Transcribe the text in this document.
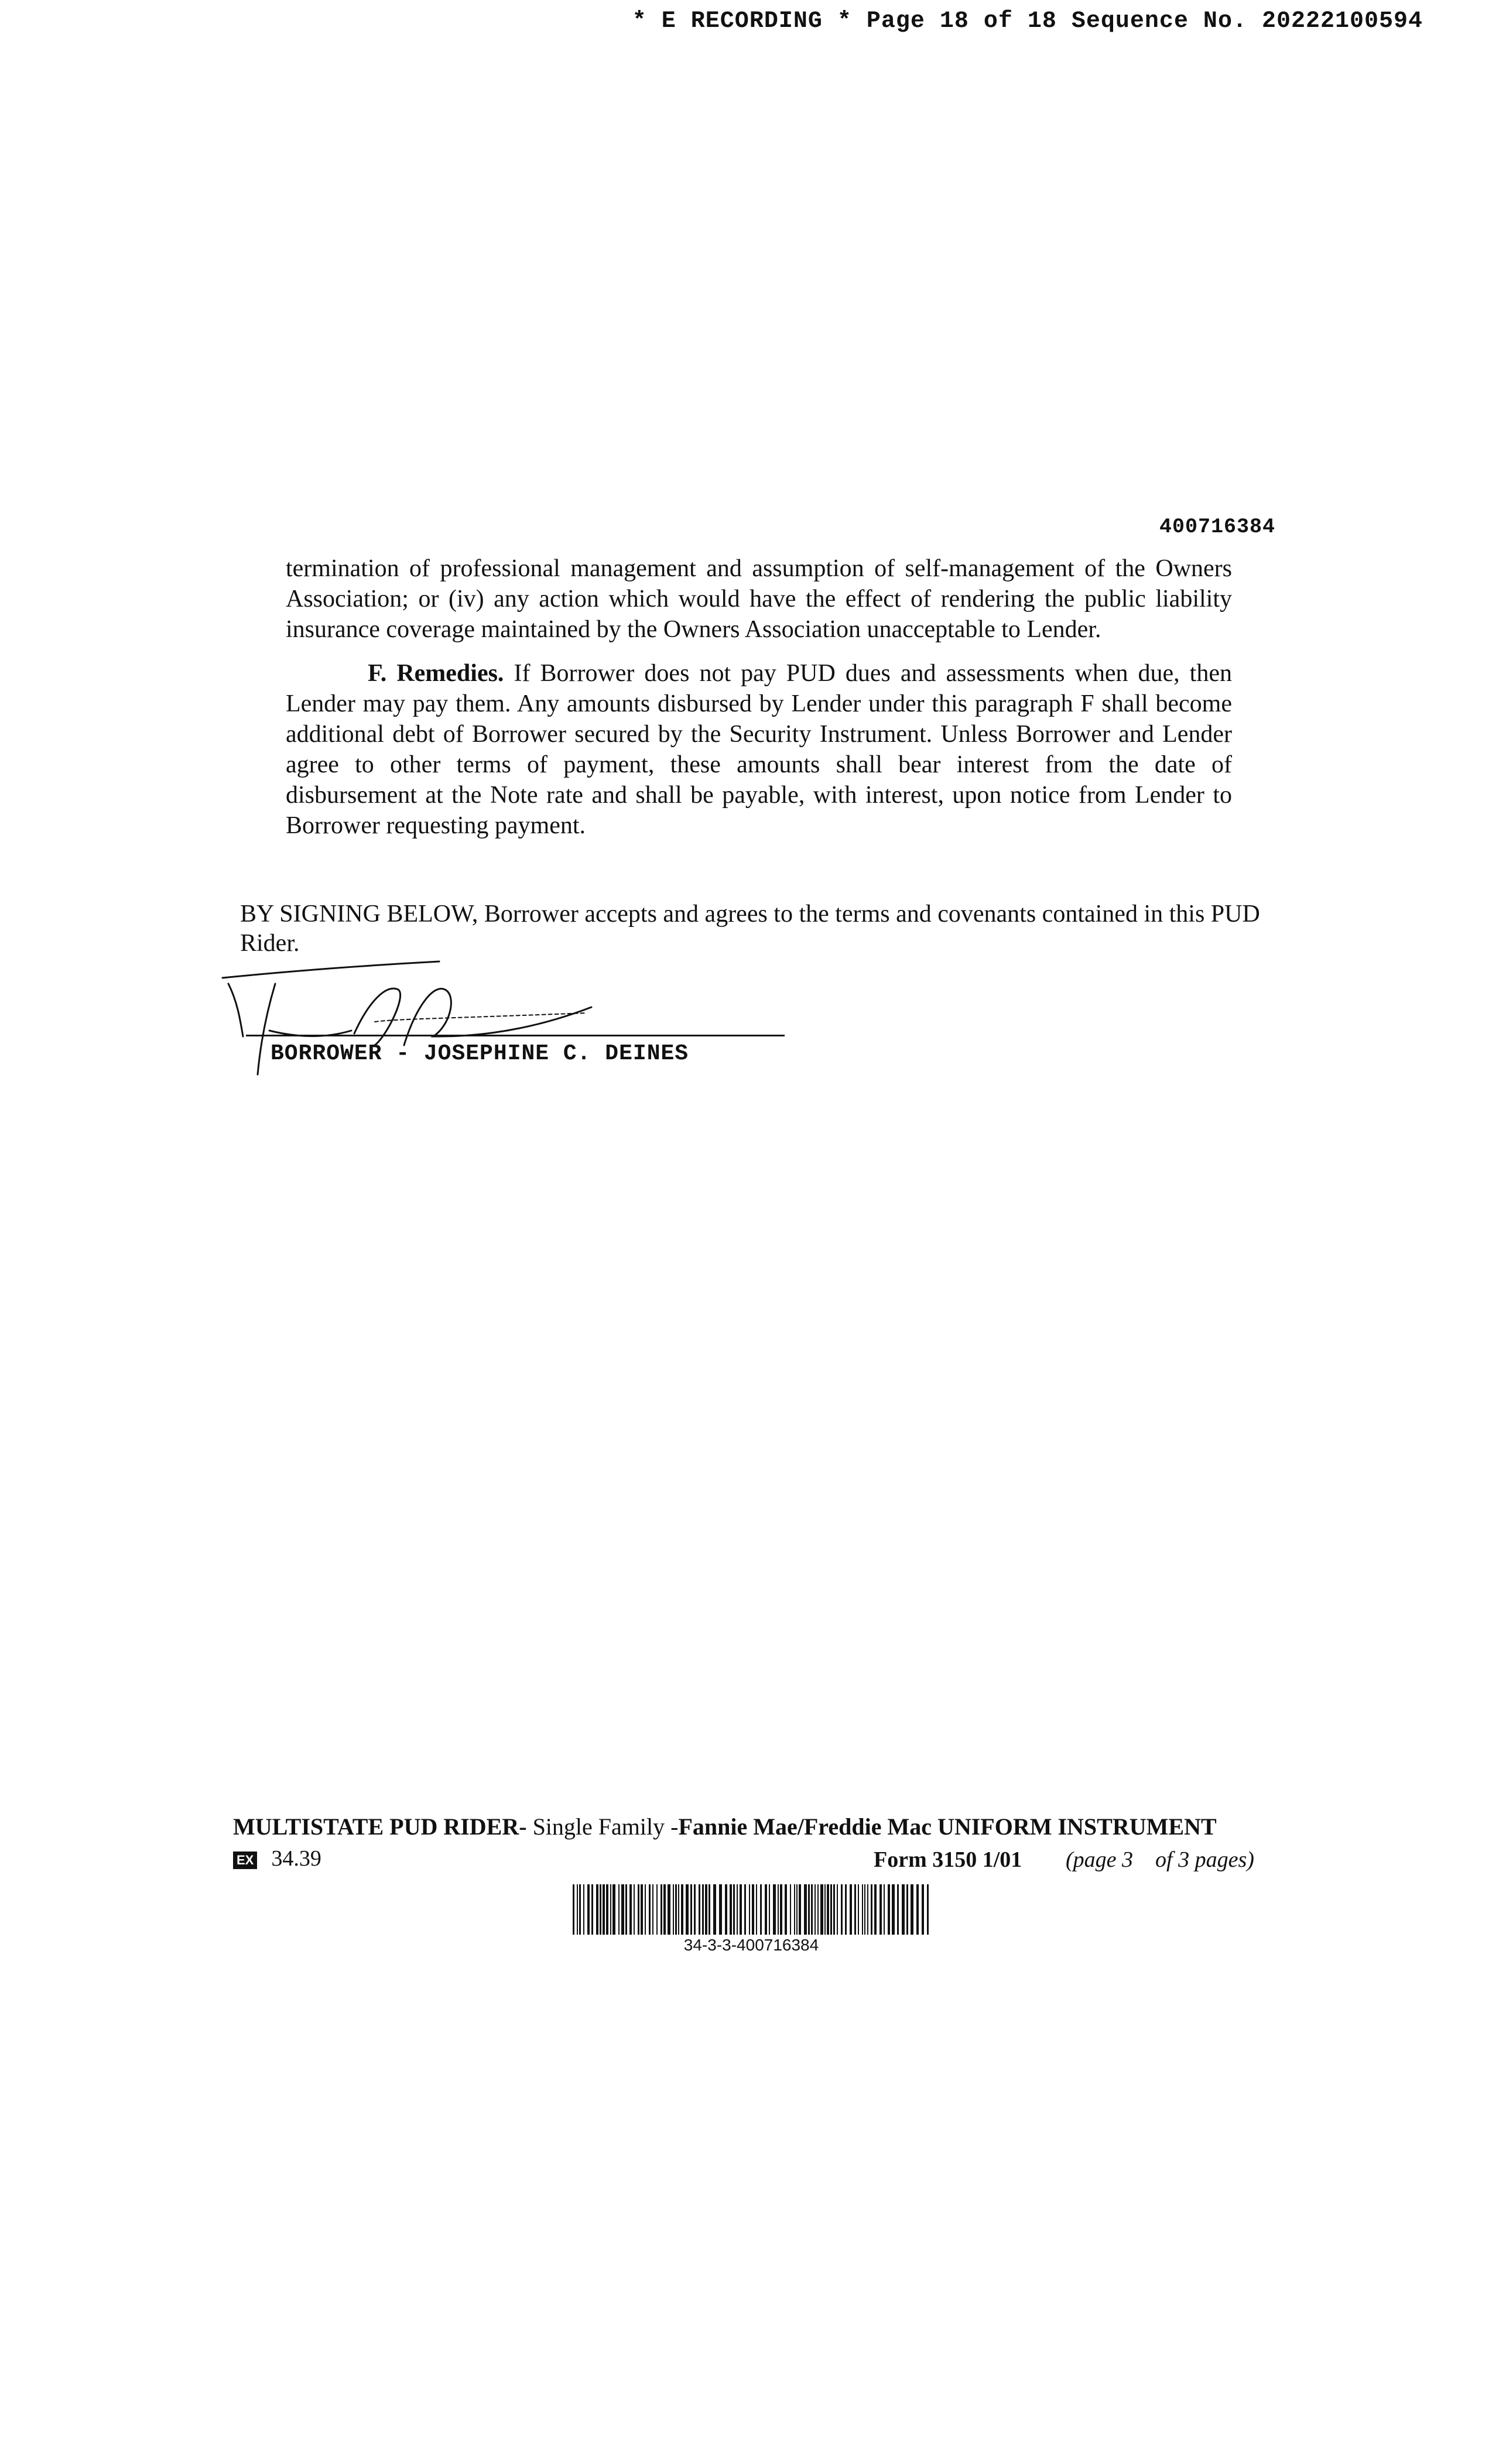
* E RECORDING * Page 18 of 18 Sequence No. 20222100594
400716384
termination of professional management and assumption of self-management of the Owners Association; or (iv) any action which would have the effect of rendering the public liability insurance coverage maintained by the Owners Association unacceptable to Lender.
F. Remedies. If Borrower does not pay PUD dues and assessments when due, then Lender may pay them. Any amounts disbursed by Lender under this paragraph F shall become additional debt of Borrower secured by the Security Instrument. Unless Borrower and Lender agree to other terms of payment, these amounts shall bear interest from the date of disbursement at the Note rate and shall be payable, with interest, upon notice from Lender to Borrower requesting payment.
BY SIGNING BELOW, Borrower accepts and agrees to the terms and covenants contained in this PUD Rider.
BORROWER - JOSEPHINE C. DEINES
MULTISTATE PUD RIDER- Single Family -Fannie Mae/Freddie Mac UNIFORM INSTRUMENT
EX 34.39	Form 3150 1/01 (page 3    of 3 pages)
34-3-3-400716384
